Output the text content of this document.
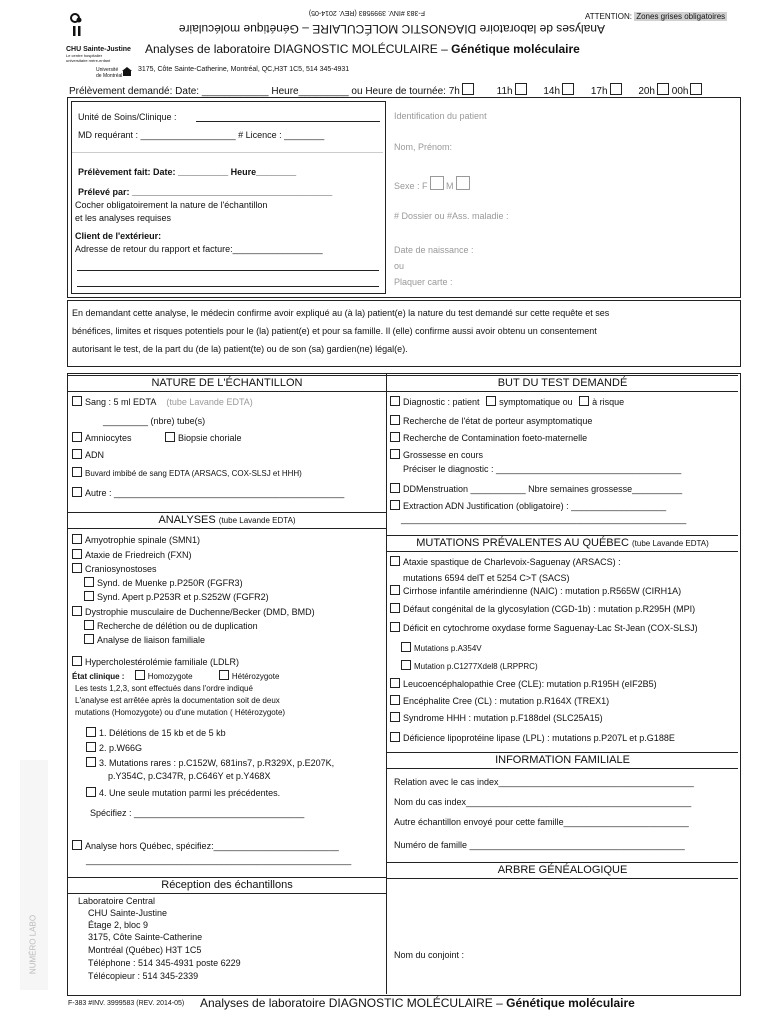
F-383 #INV. 3999583 (REV. 2014-05)
Analyses de laboratoire DIAGNOSTIC MOLÉCULAIRE – Génétique moléculaire
ATTENTION: Zones grises obligatoires
CHU Sainte-Justine
Le centre hospitalier universitaire mère-enfant
Université de Montréal
Analyses de laboratoire DIAGNOSTIC MOLÉCULAIRE – Génétique moléculaire
3175, Côte Sainte-Catherine, Montréal, QC,H3T 1C5, 514 345-4931
Prélèvement demandé: Date: ____________ Heure_________ ou Heure de tournée: 7h	11h	14h	17h	20h 00h
Unité de Soins/Clinique :
MD requérant : ___________________ # Licence : ________
Prélèvement fait: Date: __________ Heure________
Prélevé par: ________________________________________
Cocher obligatoirement la nature de l'échantillon
et les analyses requises
Client de l'extérieur:
Adresse de retour du rapport et facture:__________________
Identification du patient
Nom, Prénom:
Sexe : F M
# Dossier ou #Ass. maladie :
Date de naissance :
ou
Plaquer carte :
En demandant cette analyse, le médecin confirme avoir expliqué au (à la) patient(e) la nature du test demandé sur cette requête et ses
bénéfices, limites et risques potentiels pour le (la) patient(e) et pour sa famille. Il (elle) confirme aussi avoir obtenu un consentement
autorisant le test, de la part du (de la) patient(te) ou de son (sa) gardien(ne) légal(e).
NATURE DE L'ÉCHANTILLON
Sang : 5 ml EDTA (tube Lavande EDTA)
_________ (nbre) tube(s)
Amniocytes	Biopsie choriale
ADN
Buvard imbibé de sang EDTA (ARSACS, COX-SLSJ et HHH)
Autre : ______________________________________________
BUT DU TEST DEMANDÉ
Diagnostic : patient symptomatique ou à risque
Recherche de l'état de porteur asymptomatique
Recherche de Contamination foeto-maternelle
Grossesse en cours
Préciser le diagnostic : _____________________________________
DDMenstruation ___________ Nbre semaines grossesse__________
Extraction ADN Justification (obligatoire) : ___________________
_________________________________________________________
ANALYSES (tube Lavande EDTA)
Amyotrophie spinale (SMN1)
Ataxie de Friedreich (FXN)
Craniosynostoses
Synd. de Muenke p.P250R (FGFR3)
Synd. Apert p.P253R et p.S252W (FGFR2)
Dystrophie musculaire de Duchenne/Becker (DMD, BMD)
Recherche de délétion ou de duplication
Analyse de liaison familiale
Hypercholestérolémie familiale (LDLR)
État clinique :	Homozygote	Hétérozygote
Les tests 1,2,3, sont effectués dans l'ordre indiqué
L'analyse est arrêtée après la documentation soit de deux
mutations (Homozygote) ou d'une mutation ( Hétérozygote)
1. Délétions de 15 kb et de 5 kb
2. p.W66G
3. Mutations rares : p.C152W, 681ins7, p.R329X, p.E207K,
p.Y354C, p.C347R, p.C646Y et p.Y468X
4. Une seule mutation parmi les précédentes.
Spécifiez : __________________________________
Analyse hors Québec, spécifiez:_________________________
_____________________________________________________
MUTATIONS PRÉVALENTES AU QUÉBEC (tube Lavande EDTA)
Ataxie spastique de Charlevoix-Saguenay (ARSACS) :
mutations 6594 delT et 5254 C>T (SACS)
Cirrhose infantile amérindienne (NAIC) : mutation p.R565W (CIRH1A)
Défaut congénital de la glycosylation (CGD-1b) : mutation p.R295H (MPI)
Déficit en cytochrome oxydase forme Saguenay-Lac St-Jean (COX-SLSJ)
Mutations p.A354V
Mutation p.C1277Xdel8 (LRPPRC)
Leucoencéphalopathie Cree (CLE): mutation p.R195H (eIF2B5)
Encéphalite Cree (CL) : mutation p.R164X (TREX1)
Syndrome HHH : mutation p.F188del (SLC25A15)
Déficience lipoprotéine lipase (LPL) : mutations p.P207L et p.G188E
INFORMATION FAMILIALE
Relation avec le cas index_______________________________________
Nom du cas index_____________________________________________
Autre échantillon envoyé pour cette famille_________________________
Numéro de famille ___________________________________________
ARBRE GÉNÉALOGIQUE
Nom du conjoint :
Réception des échantillons
Laboratoire Central
CHU Sainte-Justine
Étage 2, bloc 9
3175, Côte Sainte-Catherine
Montréal (Québec) H3T 1C5
Téléphone : 514 345-4931 poste 6229
Télécopieur : 514 345-2339
NUMÉRO LABO
F-383 #INV. 3999583 (REV. 2014-05) Analyses de laboratoire DIAGNOSTIC MOLÉCULAIRE – Génétique moléculaire
